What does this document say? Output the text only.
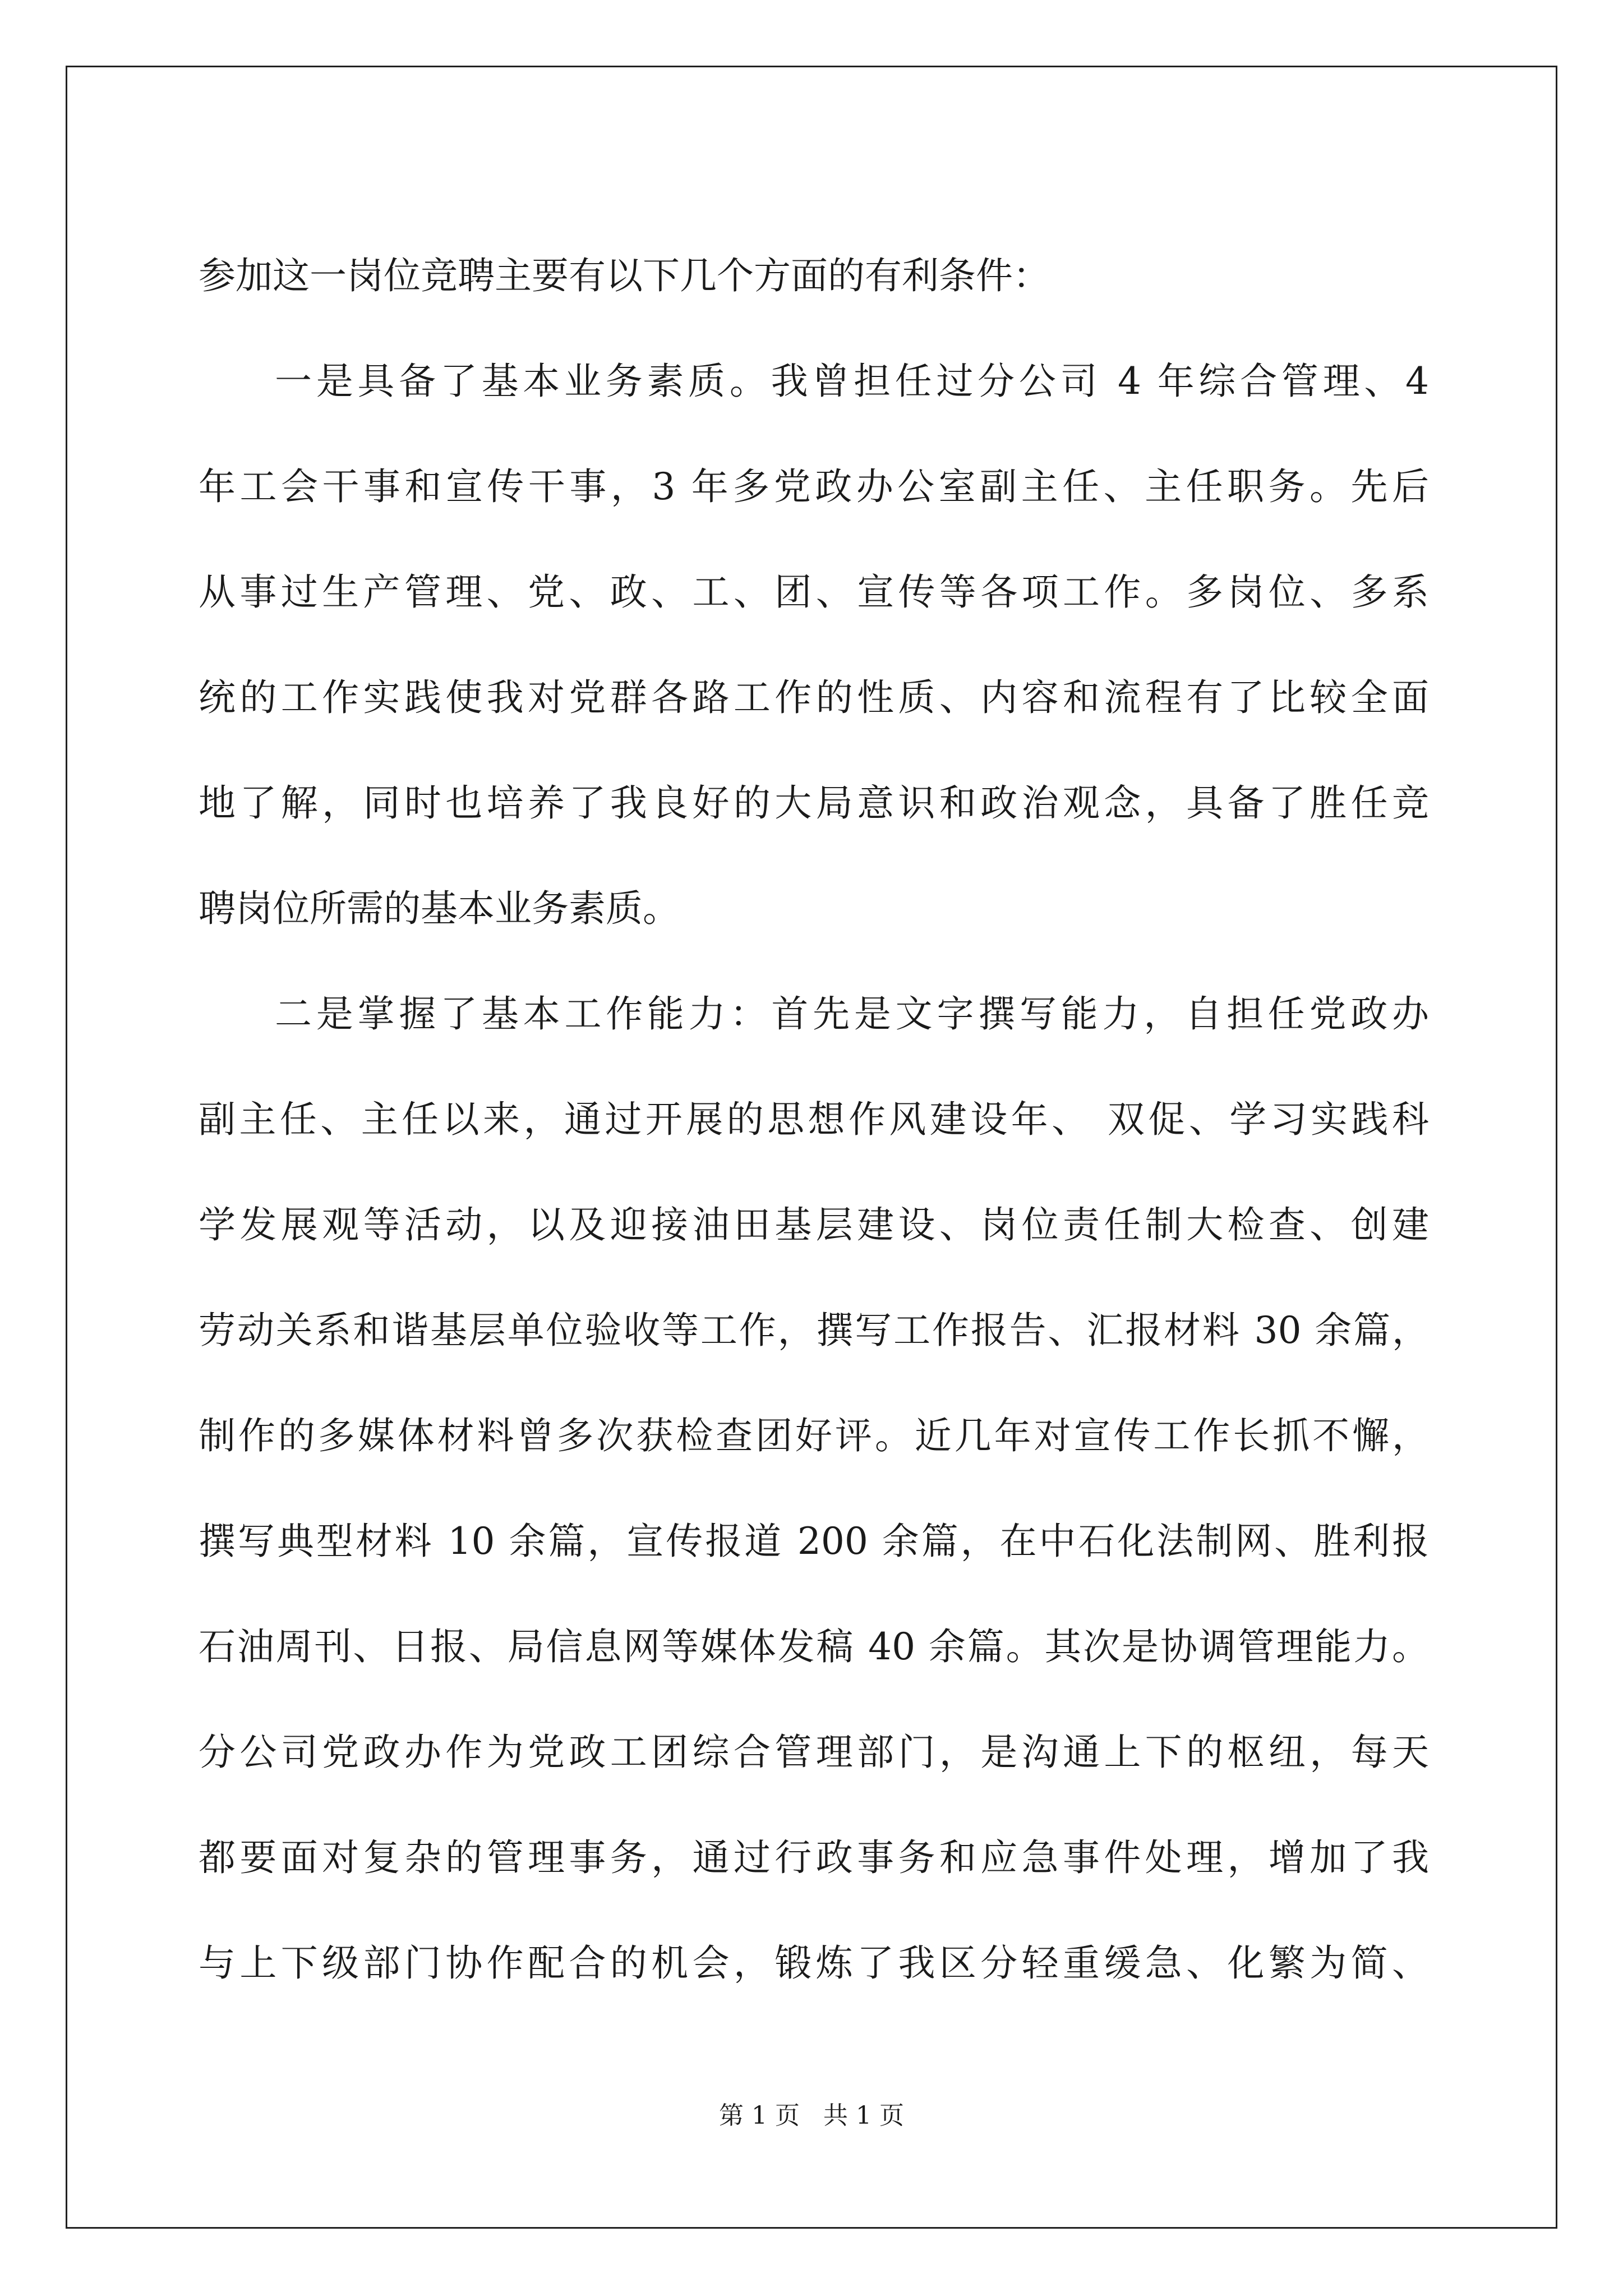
参加这一岗位竞聘主要有以下几个方面的有利条件：
一是具备了基本业务素质。我曾担任过分公司 4 年综合管理、4
年工会干事和宣传干事，3 年多党政办公室副主任、主任职务。先后
从事过生产管理、党、政、工、团、宣传等各项工作。多岗位、多系
统的工作实践使我对党群各路工作的性质、内容和流程有了比较全面
地了解，同时也培养了我良好的大局意识和政治观念，具备了胜任竞
聘岗位所需的基本业务素质。
二是掌握了基本工作能力：首先是文字撰写能力，自担任党政办
副主任、主任以来，通过开展的思想作风建设年、 双促、学习实践科
学发展观等活动，以及迎接油田基层建设、岗位责任制大检查、创建
劳动关系和谐基层单位验收等工作，撰写工作报告、汇报材料 30 余篇，
制作的多媒体材料曾多次获检查团好评。近几年对宣传工作长抓不懈，
撰写典型材料 10 余篇，宣传报道 200 余篇，在中石化法制网、胜利报
石油周刊、日报、局信息网等媒体发稿 40 余篇。其次是协调管理能力。
分公司党政办作为党政工团综合管理部门，是沟通上下的枢纽，每天
都要面对复杂的管理事务，通过行政事务和应急事件处理，增加了我
与上下级部门协作配合的机会，锻炼了我区分轻重缓急、化繁为简、
第 1 页   共 1 页
